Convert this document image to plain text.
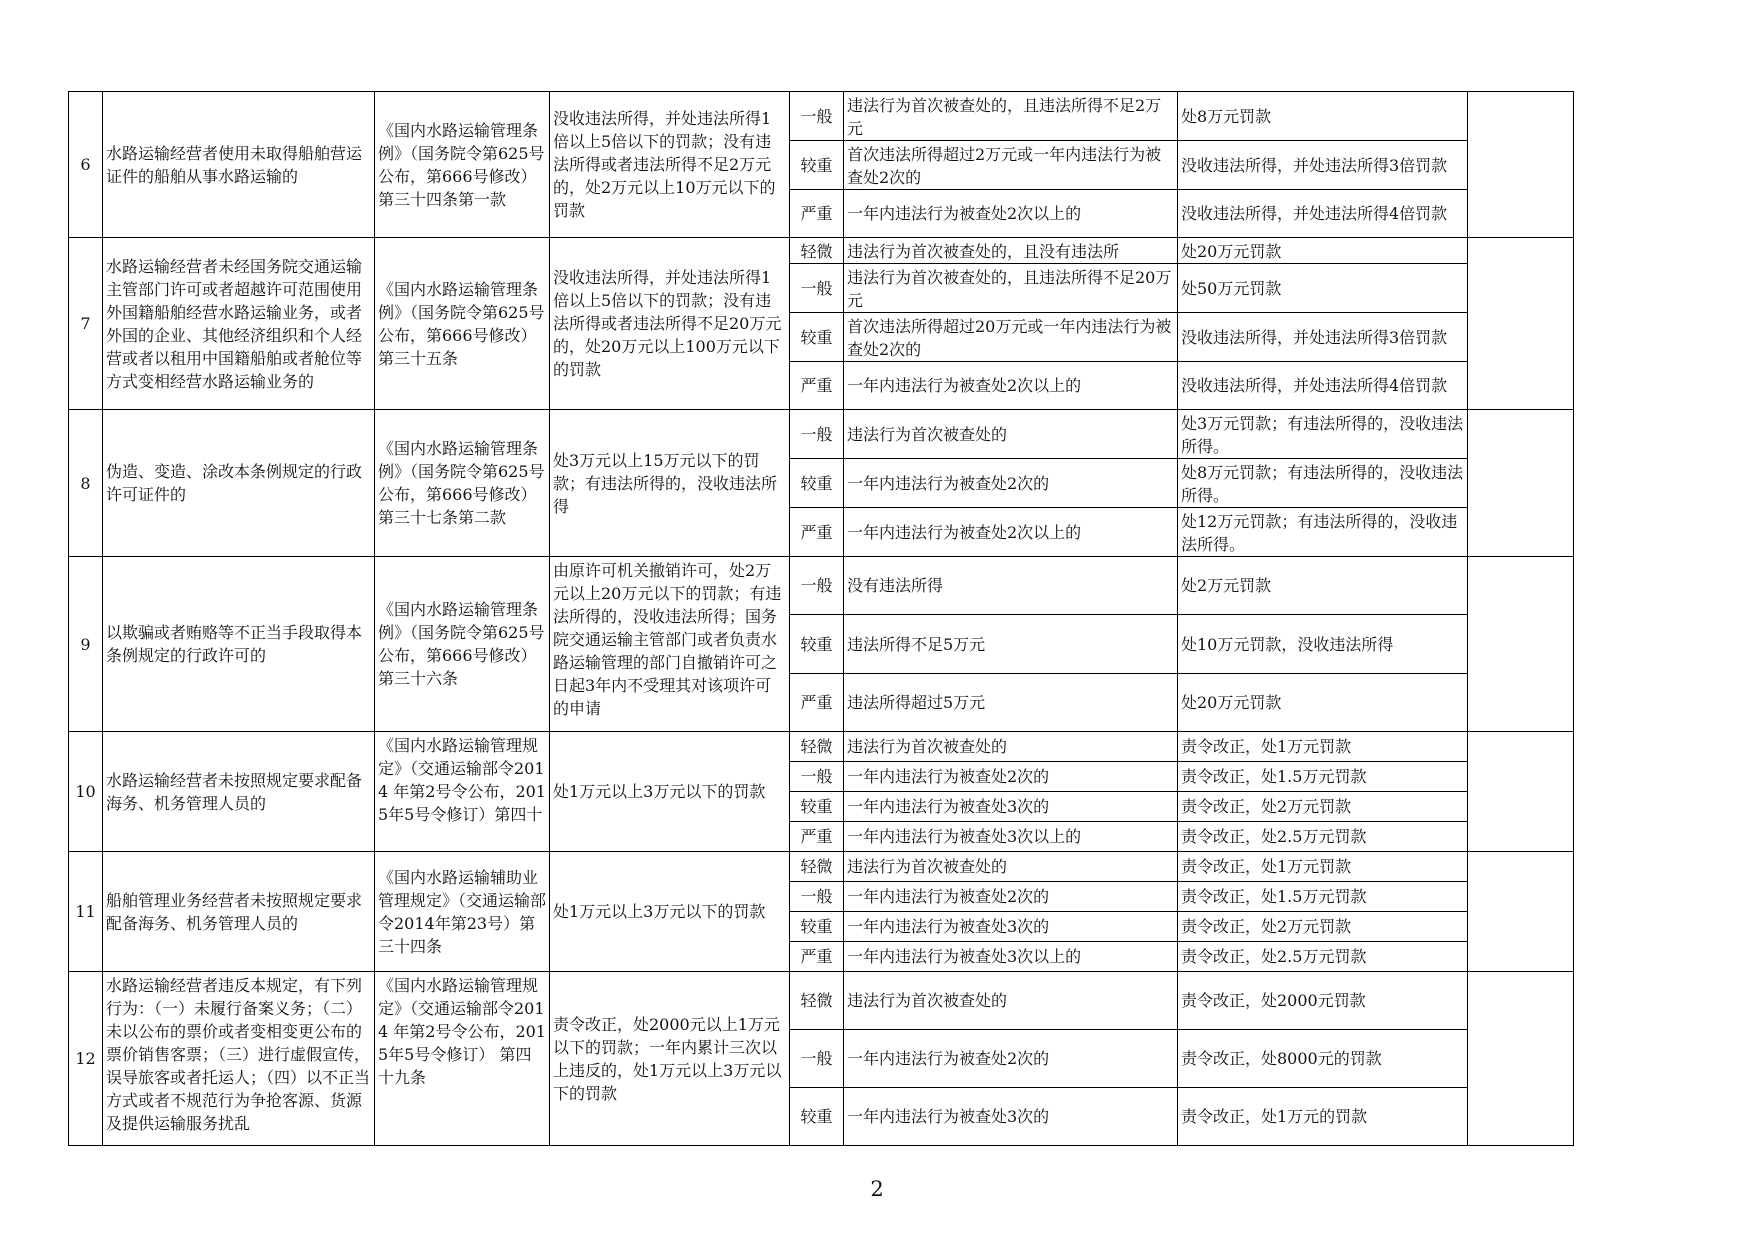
6	水路运输经营者使用未取得船舶营运证件的船舶从事水路运输的	《国内水路运输管理条例》（国务院令第625号公布，第666号修改）第三十四条第一款	没收违法所得，并处违法所得1倍以上5倍以下的罚款；没有违法所得或者违法所得不足2万元的，处2万元以上10万元以下的罚款	一般	违法行为首次被查处的，且违法所得不足2万元	处8万元罚款	

				较重	首次违法所得超过2万元或一年内违法行为被查处2次的	没收违法所得，并处违法所得3倍罚款	

				严重	一年内违法行为被查处2次以上的	没收违法所得，并处违法所得4倍罚款	

7	水路运输经营者未经国务院交通运输主管部门许可或者超越许可范围使用外国籍船舶经营水路运输业务，或者外国的企业、其他经济组织和个人经营或者以租用中国籍船舶或者舱位等方式变相经营水路运输业务的	《国内水路运输管理条例》（国务院令第625号公布，第666号修改）第三十五条	没收违法所得，并处违法所得1倍以上5倍以下的罚款；没有违法所得或者违法所得不足20万元的，处20万元以上100万元以下的罚款	轻微	违法行为首次被查处的，且没有违法所	处20万元罚款	

				一般	违法行为首次被查处的，且违法所得不足20万元	处50万元罚款	

				较重	首次违法所得超过20万元或一年内违法行为被查处2次的	没收违法所得，并处违法所得3倍罚款	

				严重	一年内违法行为被查处2次以上的	没收违法所得，并处违法所得4倍罚款	

8	伪造、变造、涂改本条例规定的行政许可证件的	《国内水路运输管理条例》（国务院令第625号公布，第666号修改）第三十七条第二款	处3万元以上15万元以下的罚款；有违法所得的，没收违法所得	一般	违法行为首次被查处的	处3万元罚款；有违法所得的，没收违法所得。	

				较重	一年内违法行为被查处2次的	处8万元罚款；有违法所得的，没收违法所得。	

				严重	一年内违法行为被查处2次以上的	处12万元罚款；有违法所得的，没收违法所得。	

9	以欺骗或者贿赂等不正当手段取得本条例规定的行政许可的	《国内水路运输管理条例》（国务院令第625号公布，第666号修改）第三十六条	由原许可机关撤销许可，处2万元以上20万元以下的罚款；有违法所得的，没收违法所得；国务院交通运输主管部门或者负责水路运输管理的部门自撤销许可之日起3年内不受理其对该项许可的申请	一般	没有违法所得	处2万元罚款	

				较重	违法所得不足5万元	处10万元罚款，没收违法所得	

				严重	违法所得超过5万元	处20万元罚款	

10	水路运输经营者未按照规定要求配备海务、机务管理人员的	《国内水路运输管理规定》（交通运输部令2014 年第2号令公布，2015年5号令修订）第四十	处1万元以上3万元以下的罚款	轻微	违法行为首次被查处的	责令改正，处1万元罚款	

				一般	一年内违法行为被查处2次的	责令改正，处1.5万元罚款	

				较重	一年内违法行为被查处3次的	责令改正，处2万元罚款	

				严重	一年内违法行为被查处3次以上的	责令改正，处2.5万元罚款	

11	船舶管理业务经营者未按照规定要求配备海务、机务管理人员的	《国内水路运输辅助业管理规定》（交通运输部令2014年第23号）第三十四条	处1万元以上3万元以下的罚款	轻微	违法行为首次被查处的	责令改正，处1万元罚款	

				一般	一年内违法行为被查处2次的	责令改正，处1.5万元罚款	

				较重	一年内违法行为被查处3次的	责令改正，处2万元罚款	

				严重	一年内违法行为被查处3次以上的	责令改正，处2.5万元罚款	

12	水路运输经营者违反本规定，有下列行为：（一）未履行备案义务；（二）未以公布的票价或者变相变更公布的票价销售客票；（三）进行虚假宣传，误导旅客或者托运人；（四）以不正当方式或者不规范行为争抢客源、货源及提供运输服务扰乱	《国内水路运输管理规定》（交通运输部令2014 年第2号令公布，2015年5号令修订） 第四十九条	责令改正，处2000元以上1万元以下的罚款；一年内累计三次以上违反的，处1万元以上3万元以下的罚款	轻微	违法行为首次被查处的	责令改正，处2000元罚款	

				一般	一年内违法行为被查处2次的	责令改正，处8000元的罚款	

				较重	一年内违法行为被查处3次的	责令改正，处1万元的罚款	
2
